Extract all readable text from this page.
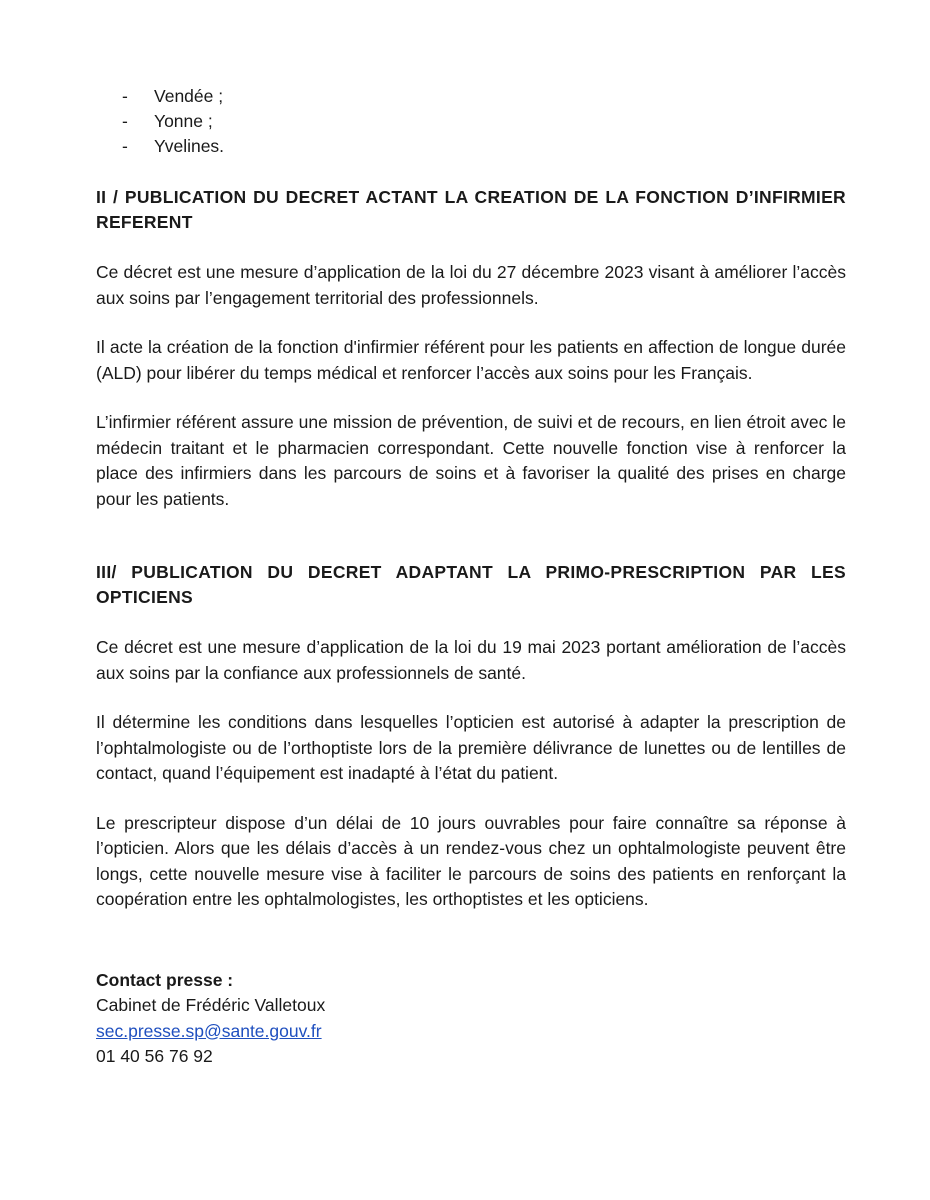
- Vendée ;
- Yonne ;
- Yvelines.
II / PUBLICATION DU DECRET ACTANT LA CREATION DE LA FONCTION D’INFIRMIER REFERENT

Ce décret est une mesure d’application de la loi du 27 décembre 2023 visant à améliorer l’accès aux soins par l’engagement territorial des professionnels.

Il acte la création de la fonction d'infirmier référent pour les patients en affection de longue durée (ALD) pour libérer du temps médical et renforcer l’accès aux soins pour les Français.

L’infirmier référent assure une mission de prévention, de suivi et de recours, en lien étroit avec le médecin traitant et le pharmacien correspondant. Cette nouvelle fonction vise à renforcer la place des infirmiers dans les parcours de soins et à favoriser la qualité des prises en charge pour les patients.

III/ PUBLICATION DU DECRET ADAPTANT LA PRIMO-PRESCRIPTION PAR LES OPTICIENS

Ce décret est une mesure d’application de la loi du 19 mai 2023 portant amélioration de l’accès aux soins par la confiance aux professionnels de santé.

Il détermine les conditions dans lesquelles l’opticien est autorisé à adapter la prescription de l’ophtalmologiste ou de l’orthoptiste lors de la première délivrance de lunettes ou de lentilles de contact, quand l’équipement est inadapté à l’état du patient.

Le prescripteur dispose d’un délai de 10 jours ouvrables pour faire connaître sa réponse à l’opticien. Alors que les délais d’accès à un rendez-vous chez un ophtalmologiste peuvent être longs, cette nouvelle mesure vise à faciliter le parcours de soins des patients en renforçant la coopération entre les ophtalmologistes, les orthoptistes et les opticiens.

Contact presse :

Cabinet de Frédéric Valletoux

sec.presse.sp@sante.gouv.fr

01 40 56 76 92
